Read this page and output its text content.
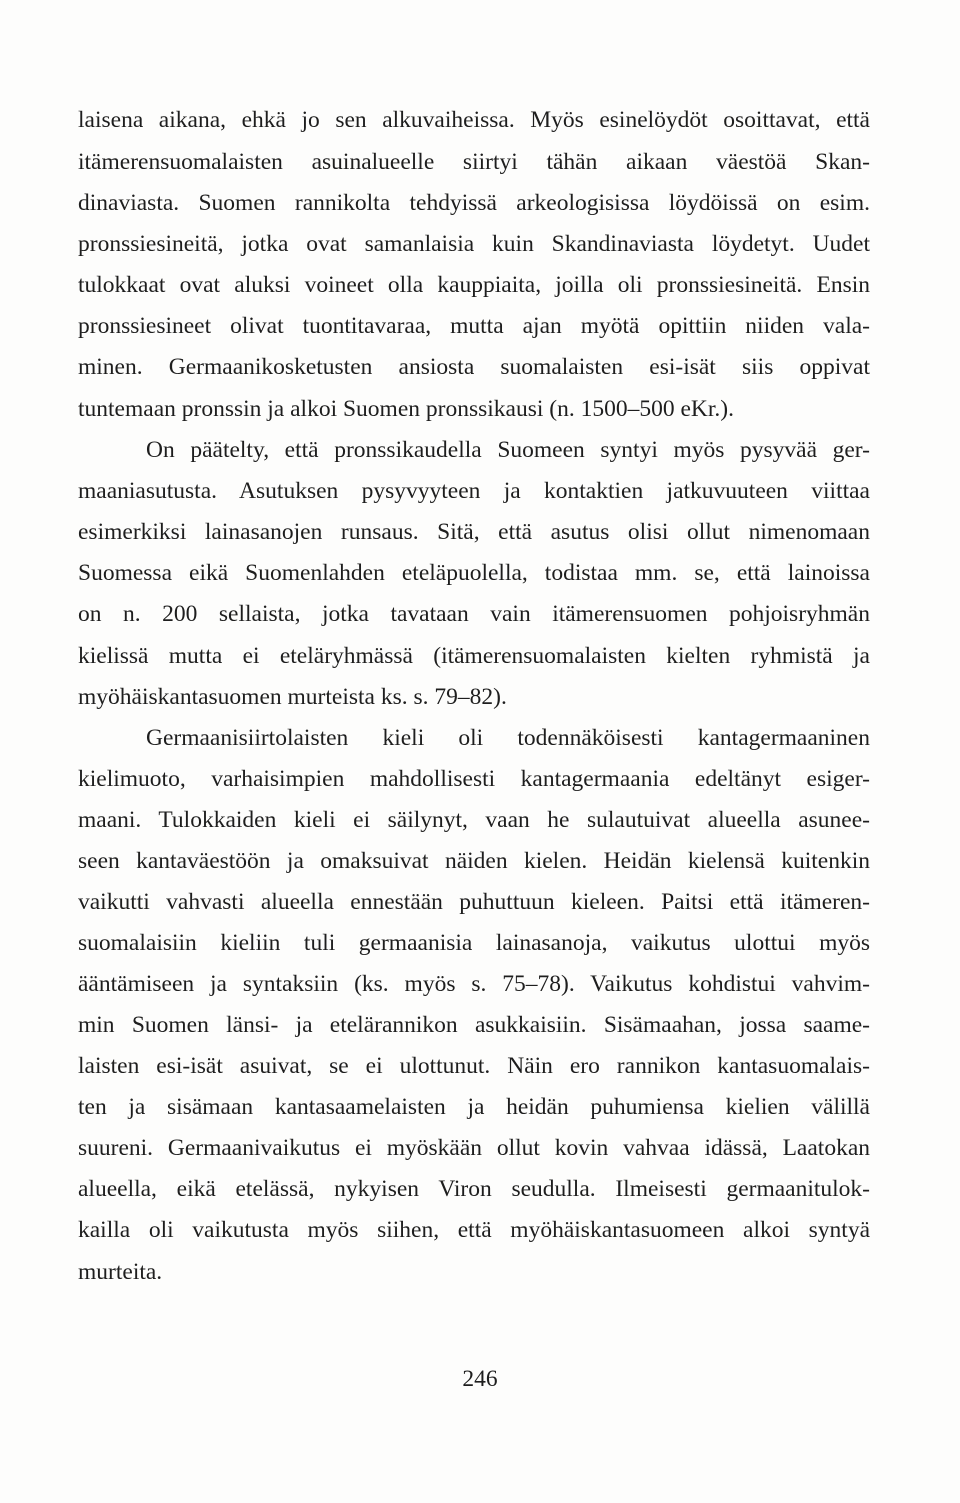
laisena aikana, ehkä jo sen alkuvaiheissa. Myös esinelöydöt osoittavat, että
itämerensuomalaisten asuinalueelle siirtyi tähän aikaan väestöä Skan-
dinaviasta. Suomen rannikolta tehdyissä arkeologisissa löydöissä on esim.
pronssiesineitä, jotka ovat samanlaisia kuin Skandinaviasta löydetyt. Uudet
tulokkaat ovat aluksi voineet olla kauppiaita, joilla oli pronssiesineitä. Ensin
pronssiesineet olivat tuontitavaraa, mutta ajan myötä opittiin niiden vala-
minen. Germaanikosketusten ansiosta suomalaisten esi-isät siis oppivat
tuntemaan pronssin ja alkoi Suomen pronssikausi (n. 1500–500 eKr.).
On päätelty, että pronssikaudella Suomeen syntyi myös pysyvää ger-
maaniasutusta. Asutuksen pysyvyyteen ja kontaktien jatkuvuuteen viittaa
esimerkiksi lainasanojen runsaus. Sitä, että asutus olisi ollut nimenomaan
Suomessa eikä Suomenlahden eteläpuolella, todistaa mm. se, että lainoissa
on n. 200 sellaista, jotka tavataan vain itämerensuomen pohjoisryhmän
kielissä mutta ei eteläryhmässä (itämerensuomalaisten kielten ryhmistä ja
myöhäiskantasuomen murteista ks. s. 79–82).
Germaanisiirtolaisten kieli oli todennäköisesti kantagermaaninen
kielimuoto, varhaisimpien mahdollisesti kantagermaania edeltänyt esiger-
maani. Tulokkaiden kieli ei säilynyt, vaan he sulautuivat alueella asunee-
seen kantaväestöön ja omaksuivat näiden kielen. Heidän kielensä kuitenkin
vaikutti vahvasti alueella ennestään puhuttuun kieleen. Paitsi että itämeren-
suomalaisiin kieliin tuli germaanisia lainasanoja, vaikutus ulottui myös
ääntämiseen ja syntaksiin (ks. myös s. 75–78). Vaikutus kohdistui vahvim-
min Suomen länsi- ja etelärannikon asukkaisiin. Sisämaahan, jossa saame-
laisten esi-isät asuivat, se ei ulottunut. Näin ero rannikon kantasuomalais-
ten ja sisämaan kantasaamelaisten ja heidän puhumiensa kielien välillä
suureni. Germaanivaikutus ei myöskään ollut kovin vahvaa idässä, Laatokan
alueella, eikä etelässä, nykyisen Viron seudulla. Ilmeisesti germaanitulok-
kailla oli vaikutusta myös siihen, että myöhäiskantasuomeen alkoi syntyä
murteita.
246
